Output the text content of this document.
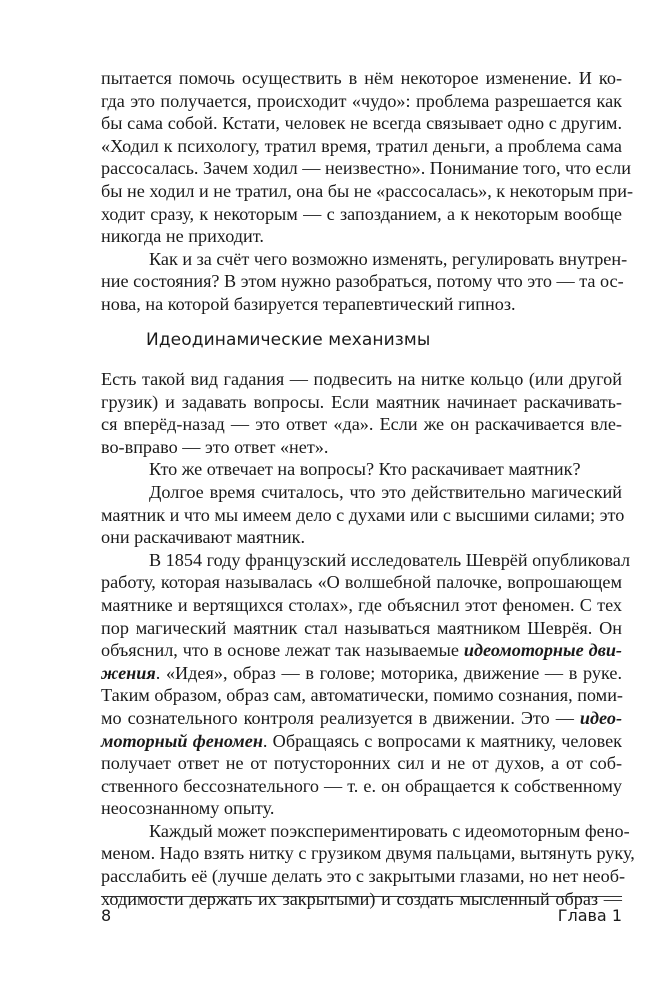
пытается помочь осуществить в нём некоторое изменение. И ко-
гда это получается, происходит «чудо»: проблема разрешается как
бы сама собой. Кстати, человек не всегда связывает одно с другим.
«Ходил к психологу, тратил время, тратил деньги, а проблема сама
рассосалась. Зачем ходил — неизвестно». Понимание того, что если
бы не ходил и не тратил, она бы не «рассосалась», к некоторым при-
ходит сразу, к некоторым — с запозданием, а к некоторым вообще
никогда не приходит.

Как и за счёт чего возможно изменять, регулировать внутрен-
ние состояния? В этом нужно разобраться, потому что это — та ос-
нова, на которой базируется терапевтический гипноз.

Идеодинамические механизмы

Есть такой вид гадания — подвесить на нитке кольцо (или другой
грузик) и задавать вопросы. Если маятник начинает раскачивать-
ся вперёд-назад — это ответ «да». Если же он раскачивается вле-
во-вправо — это ответ «нет».

Кто же отвечает на вопросы? Кто раскачивает маятник?

Долгое время считалось, что это действительно магический
маятник и что мы имеем дело с духами или с высшими силами; это
они раскачивают маятник.

В 1854 году французский исследователь Шеврёй опубликовал
работу, которая называлась «О волшебной палочке, вопрошающем
маятнике и вертящихся столах», где объяснил этот феномен. С тех
пор магический маятник стал называться маятником Шеврёя. Он
объяснил, что в основе лежат так называемые идеомоторные дви-
жения. «Идея», образ — в голове; моторика, движение — в руке.
Таким образом, образ сам, автоматически, помимо сознания, поми-
мо сознательного контроля реализуется в движении. Это — идео-
моторный феномен. Обращаясь с вопросами к маятнику, человек
получает ответ не от потусторонних сил и не от духов, а от соб-
ственного бессознательного — т. е. он обращается к собственному
неосознанному опыту.

Каждый может поэкспериментировать с идеомоторным фено-
меном. Надо взять нитку с грузиком двумя пальцами, вытянуть руку,
расслабить её (лучше делать это с закрытыми глазами, но нет необ-
ходимости держать их закрытыми) и создать мысленный образ —

8	Глава 1
